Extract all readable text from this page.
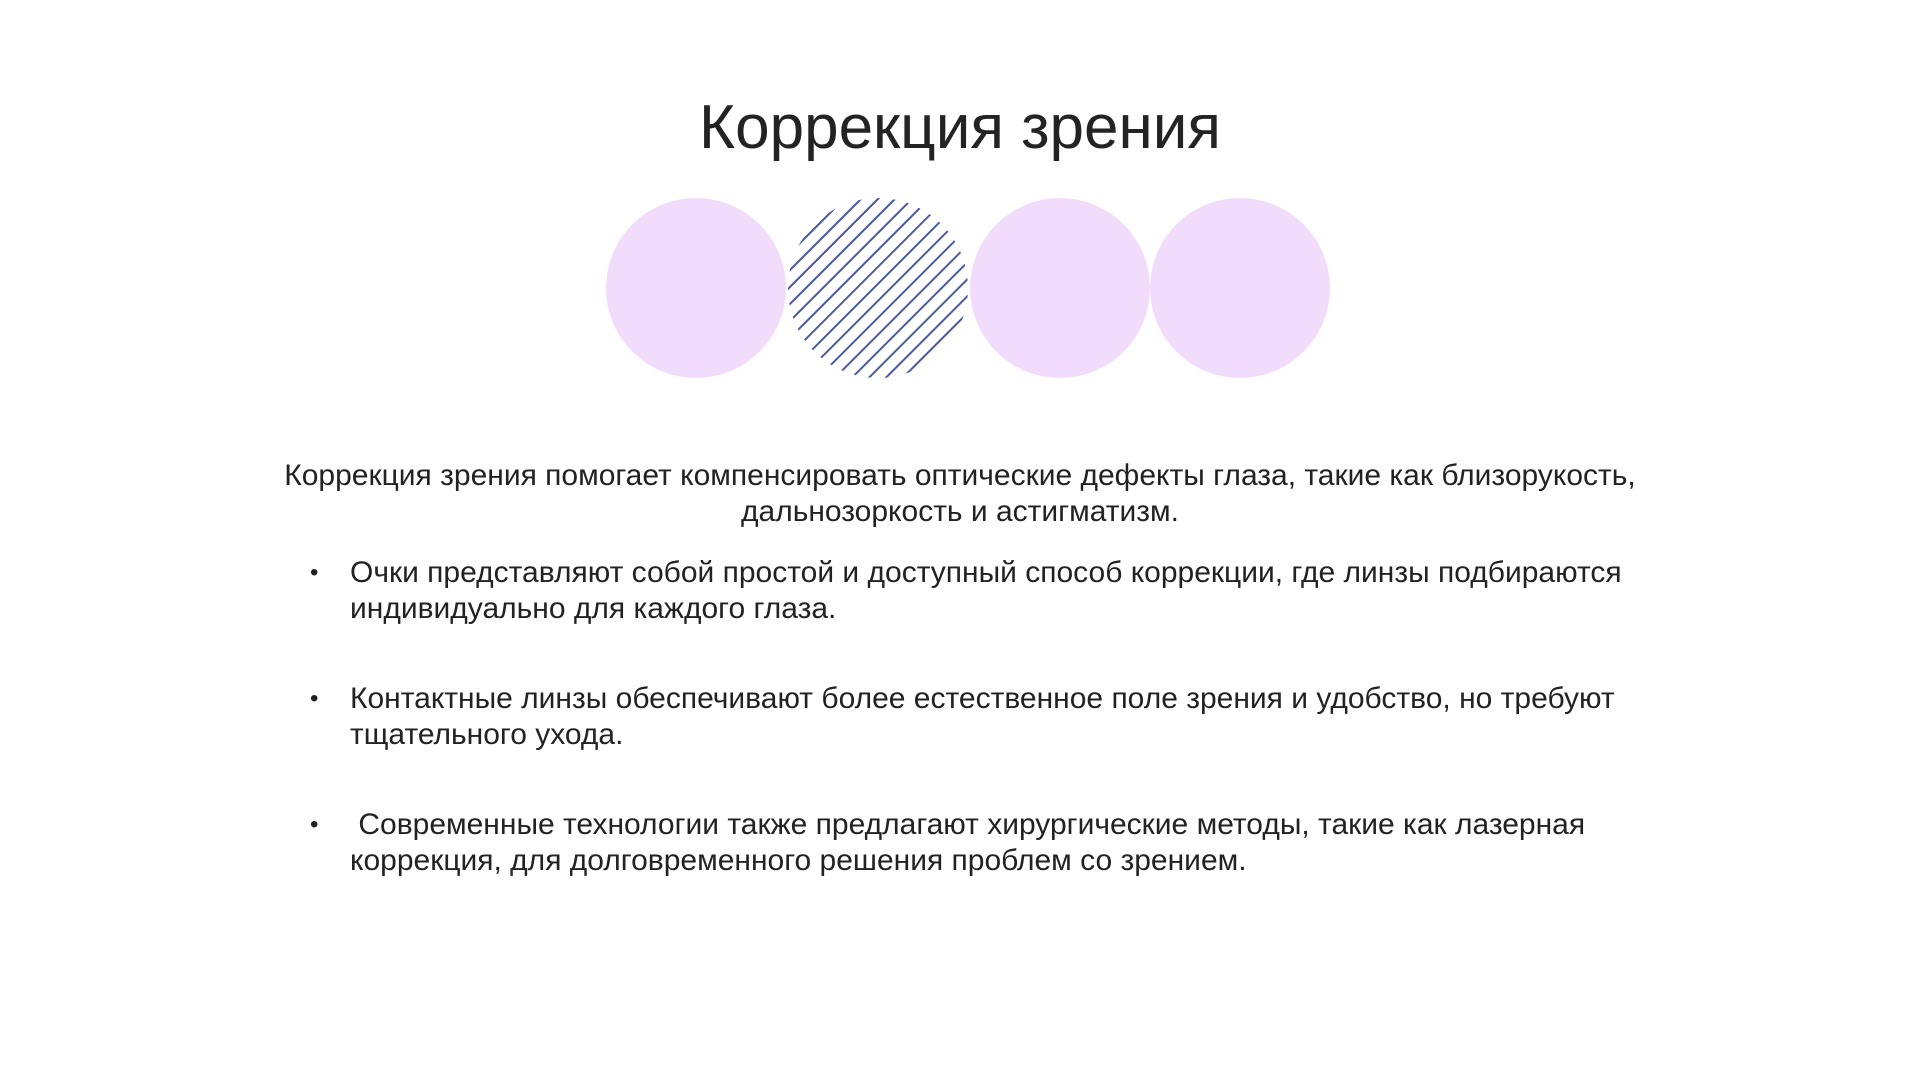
Коррекция зрения

Коррекция зрения помогает компенсировать оптические дефекты глаза, такие как близорукость, дальнозоркость и астигматизм.

•	Очки представляют собой простой и доступный способ коррекции, где линзы подбираются индивидуально для каждого глаза.
•	Контактные линзы обеспечивают более естественное поле зрения и удобство, но требуют тщательного ухода.
•	Современные технологии также предлагают хирургические методы, такие как лазерная коррекция, для долговременного решения проблем со зрением.
